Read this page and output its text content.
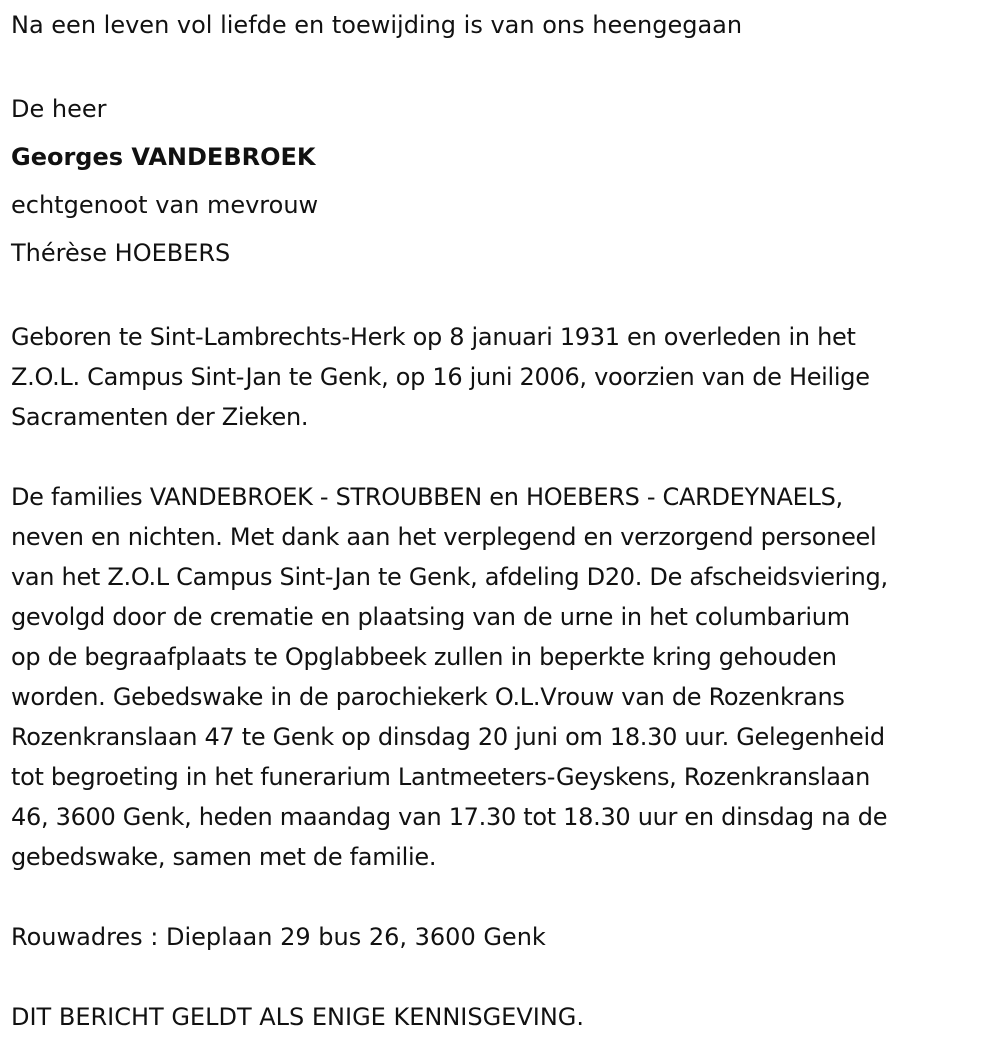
Na een leven vol liefde en toewijding is van ons heengegaan
De heer
Georges VANDEBROEK
echtgenoot van mevrouw
Thérèse HOEBERS
Geboren te Sint-Lambrechts-Herk op 8 januari 1931 en overleden in het
Z.O.L. Campus Sint-Jan te Genk, op 16 juni 2006, voorzien van de Heilige
Sacramenten der Zieken.
De families VANDEBROEK - STROUBBEN en HOEBERS - CARDEYNAELS,
neven en nichten. Met dank aan het verplegend en verzorgend personeel
van het Z.O.L Campus Sint-Jan te Genk, afdeling D20. De afscheidsviering,
gevolgd door de crematie en plaatsing van de urne in het columbarium
op de begraafplaats te Opglabbeek zullen in beperkte kring gehouden
worden. Gebedswake in de parochiekerk O.L.Vrouw van de Rozenkrans
Rozenkranslaan 47 te Genk op dinsdag 20 juni om 18.30 uur. Gelegenheid
tot begroeting in het funerarium Lantmeeters-Geyskens, Rozenkranslaan
46, 3600 Genk, heden maandag van 17.30 tot 18.30 uur en dinsdag na de
gebedswake, samen met de familie.
Rouwadres : Dieplaan 29 bus 26, 3600 Genk
DIT BERICHT GELDT ALS ENIGE KENNISGEVING.
